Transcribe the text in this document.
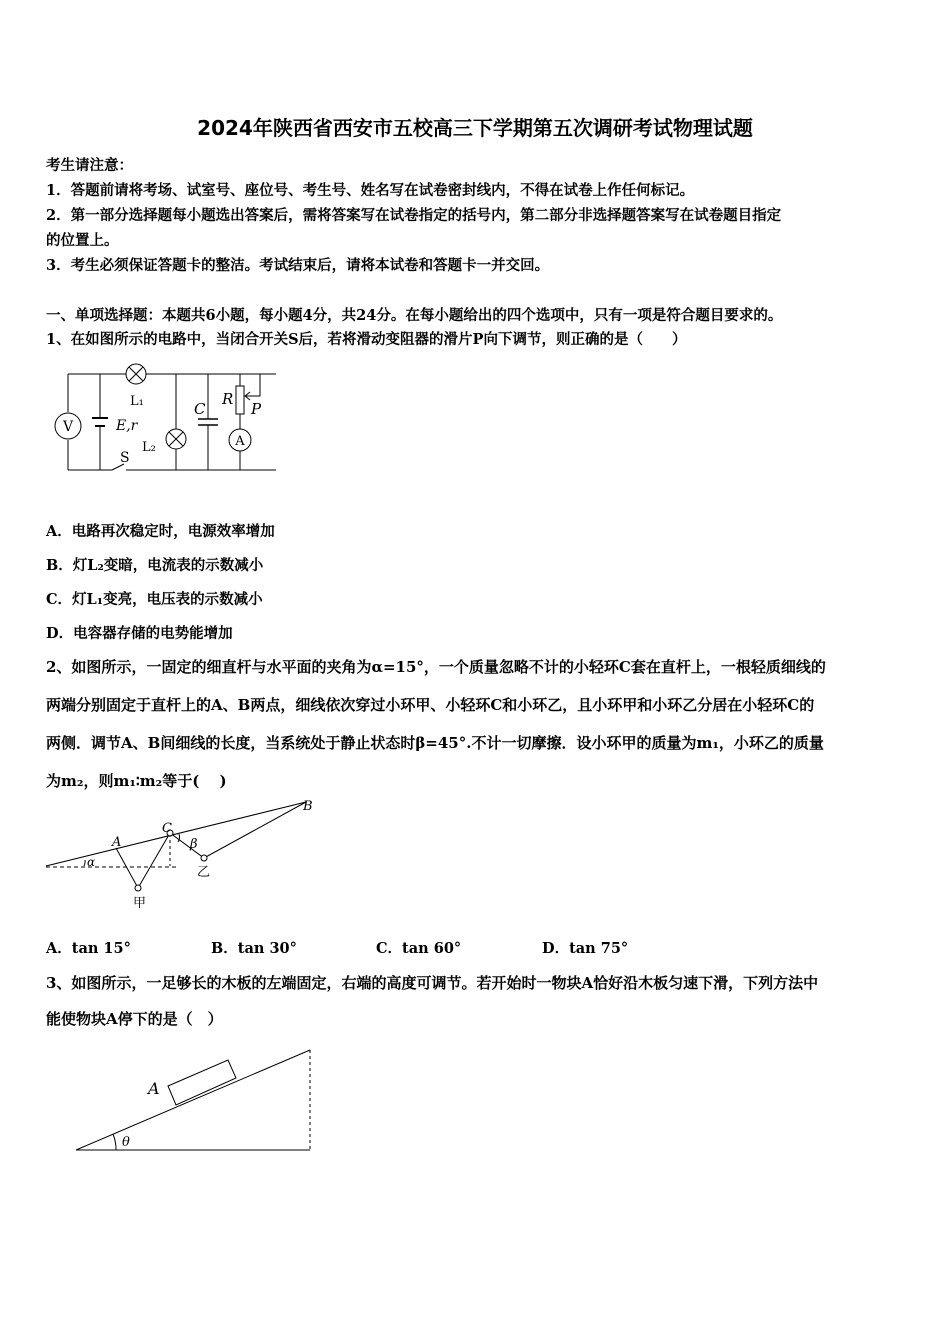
2024年陕西省西安市五校高三下学期第五次调研考试物理试题
考生请注意：
1．答题前请将考场、试室号、座位号、考生号、姓名写在试卷密封线内，不得在试卷上作任何标记。
2．第一部分选择题每小题选出答案后，需将答案写在试卷指定的括号内，第二部分非选择题答案写在试卷题目指定
的位置上。
3．考生必须保证答题卡的整洁。考试结束后，请将本试卷和答题卡一并交回。
一、单项选择题：本题共6小题，每小题4分，共24分。在每小题给出的四个选项中，只有一项是符合题目要求的。
1、在如图所示的电路中，当闭合开关S后，若将滑动变阻器的滑片P向下调节，则正确的是（　　）
V
L₁
L₂	A
E,r
S
C
R
P
A．电路再次稳定时，电源效率增加
B．灯L₂变暗，电流表的示数减小
C．灯L₁变亮，电压表的示数减小
D．电容器存储的电势能增加
2、如图所示，一固定的细直杆与水平面的夹角为α=15°，一个质量忽略不计的小轻环C套在直杆上，一根轻质细线的
两端分别固定于直杆上的A、B两点，细线依次穿过小环甲、小轻环C和小环乙，且小环甲和小环乙分居在小轻环C的
两侧．调节A、B间细线的长度，当系统处于静止状态时β=45°.不计一切摩擦．设小环甲的质量为m₁，小环乙的质量
为m₂，则m₁∶m₂等于(　 )
A
B
C
α
β
甲
乙
A．tan 15°	B．tan 30°	C．tan 60°	D．tan 75°
3、如图所示，一足够长的木板的左端固定，右端的高度可调节。若开始时一物块A恰好沿木板匀速下滑，下列方法中
能使物块A停下的是（　）
A
θ
